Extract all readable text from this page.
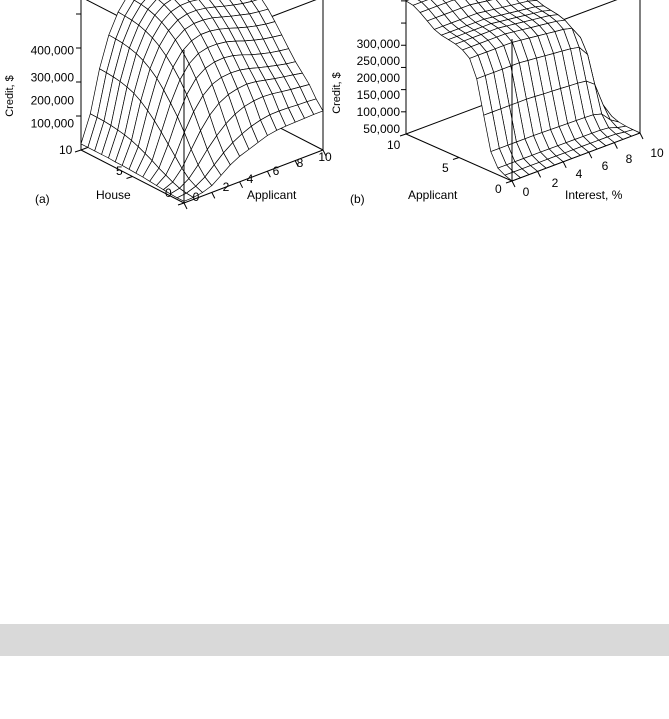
400,000
300,000
200,000
100,000
Credit, $
10
5
0
House	0
2
4
6
8 10
Applicant
(a)
300,000
250,000
200,000
150,000
100,000
50,000
Credit, $
10
5
0
Applicant	0
2
4
6 8 10
Interest, %
(b)
